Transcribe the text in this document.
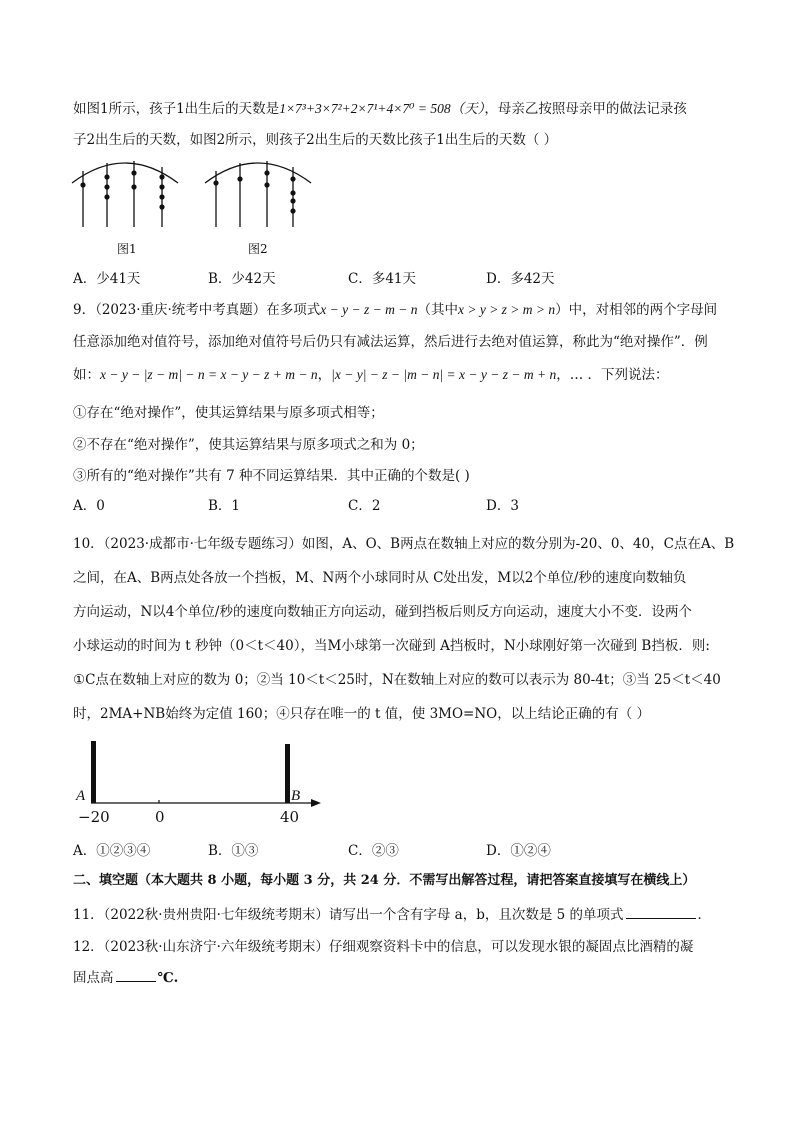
如图1所示，孩子1出生后的天数是1×7³+3×7²+2×7¹+4×7⁰ = 508（天），母亲乙按照母亲甲的做法记录孩
子2出生后的天数，如图2所示，则孩子2出生后的天数比孩子1出生后的天数（ ）
图1	图2
A．少41天	B．少42天	C．多41天	D．多42天
9．（2023·重庆·统考中考真题）在多项式x − y − z − m − n（其中x > y > z > m > n）中，对相邻的两个字母间
任意添加绝对值符号，添加绝对值符号后仍只有减法运算，然后进行去绝对值运算，称此为“绝对操作”．例
如：x − y − |z − m| − n = x − y − z + m − n，|x − y| − z − |m − n| = x − y − z − m + n，… ．下列说法：
①存在“绝对操作”，使其运算结果与原多项式相等；
②不存在“绝对操作”，使其运算结果与原多项式之和为 0；
③所有的“绝对操作”共有 7 种不同运算结果．其中正确的个数是( )
A．0	B．1	C．2	D．3
10．（2023·成都市·七年级专题练习）如图，A、O、B两点在数轴上对应的数分别为-20、0、40，C点在A、B
之间，在A、B两点处各放一个挡板，M、N两个小球同时从 C处出发，M以2个单位/秒的速度向数轴负
方向运动，N以4个单位/秒的速度向数轴正方向运动，碰到挡板后则反方向运动，速度大小不变．设两个
小球运动的时间为 t 秒钟（0＜t＜40），当M小球第一次碰到 A挡板时，N小球刚好第一次碰到 B挡板．则:
①C点在数轴上对应的数为 0；②当 10＜t＜25时，N在数轴上对应的数可以表示为 80-4t；③当 25＜t＜40
时，2MA+NB始终为定值 160；④只存在唯一的 t 值，使 3MO=NO，以上结论正确的有（ ）
A	B
−20	0	40
A．①②③④	B．①③	C．②③	D．①②④
二、填空题（本大题共 8 小题，每小题 3 分，共 24 分．不需写出解答过程，请把答案直接填写在横线上）
11．（2022秋·贵州贵阳·七年级统考期末）请写出一个含有字母 a，b，且次数是 5 的单项式	．
12．（2023秋·山东济宁·六年级统考期末）仔细观察资料卡中的信息，可以发现水银的凝固点比酒精的凝
固点高	℃.
